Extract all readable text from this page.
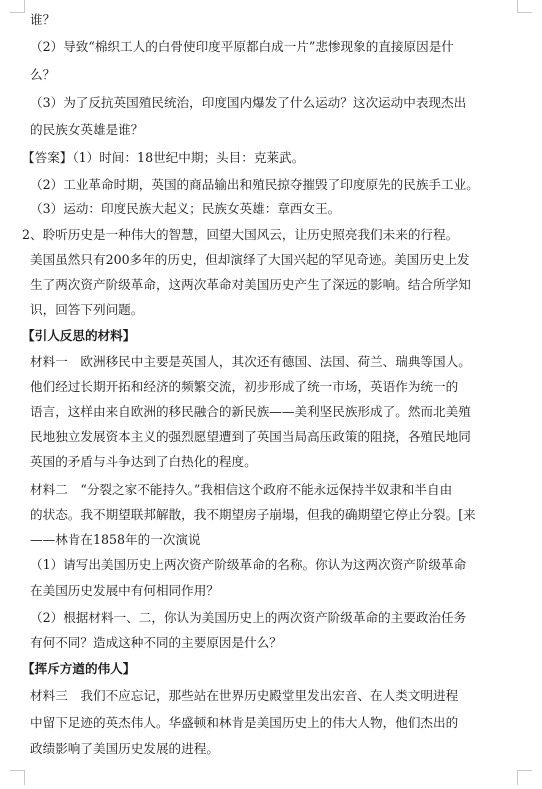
谁？
（2）导致“棉织工人的白骨使印度平原都白成一片”悲惨现象的直接原因是什
么？
（3）为了反抗英国殖民统治，印度国内爆发了什么运动？这次运动中表现杰出
的民族女英雄是谁？
【答案】（1）时间：18世纪中期；头目：克莱武。
（2）工业革命时期，英国的商品输出和殖民掠夺摧毁了印度原先的民族手工业。
（3）运动：印度民族大起义；民族女英雄：章西女王。
2、聆听历史是一种伟大的智慧，回望大国风云，让历史照亮我们未来的行程。
美国虽然只有200多年的历史，但却演绎了大国兴起的罕见奇迹。美国历史上发
生了两次资产阶级革命，这两次革命对美国历史产生了深远的影响。结合所学知
识，回答下列问题。
【引人反思的材料】
材料一　欧洲移民中主要是英国人，其次还有德国、法国、荷兰、瑞典等国人。
他们经过长期开拓和经济的频繁交流，初步形成了统一市场，英语作为统一的
语言，这样由来自欧洲的移民融合的新民族——美利坚民族形成了。然而北美殖
民地独立发展资本主义的强烈愿望遭到了英国当局高压政策的阻挠，各殖民地同
英国的矛盾与斗争达到了白热化的程度。
材料二　“分裂之家不能持久。”我相信这个政府不能永远保持半奴隶和半自由
的状态。我不期望联邦解散，我不期望房子崩塌，但我的确期望它停止分裂。[来
——林肯在1858年的一次演说
（1）请写出美国历史上两次资产阶级革命的名称。你认为这两次资产阶级革命
在美国历史发展中有何相同作用？
（2）根据材料一、二，你认为美国历史上的两次资产阶级革命的主要政治任务
有何不同？造成这种不同的主要原因是什么？
【挥斥方遒的伟人】
材料三　我们不应忘记，那些站在世界历史殿堂里发出宏音、在人类文明进程
中留下足迹的英杰伟人。华盛顿和林肯是美国历史上的伟大人物，他们杰出的
政绩影响了美国历史发展的进程。
